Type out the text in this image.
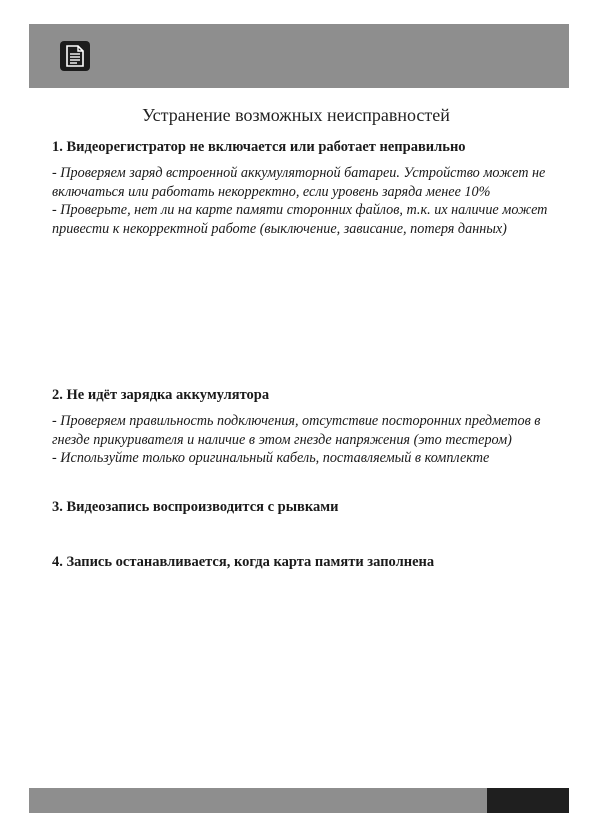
Устранение возможных неисправностей
1. Видеорегистратор не включается или работает неправильно

- Проверяем заряд встроенной аккумуляторной батареи. Устройство может не включаться или работать некорректно, если уровень заряда менее 10%

- Проверьте, нет ли на карте памяти сторонних файлов, т.к. их наличие может привести к некорректной работе (выключение, зависание, потеря данных)

2. Не идёт зарядка аккумулятора

- Проверяем правильность подключения, отсутствие посторонних предметов в гнезде прикуривателя и наличие в этом гнезде напряжения (это тестером)

- Используйте только оригинальный кабель, поставляемый в комплекте

3. Видеозапись воспроизводится с рывками
4. Запись останавливается, когда карта памяти заполнена
